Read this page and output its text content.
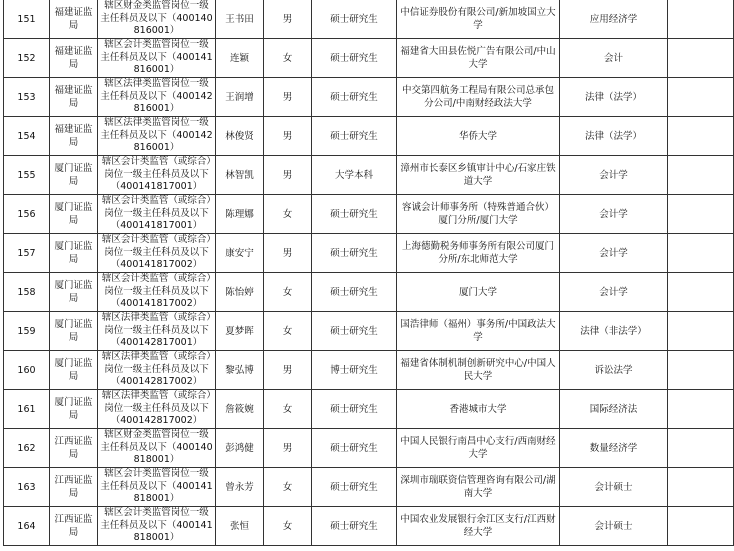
151	福建证监局	辖区财金类监管岗位一级主任科员及以下（400140816001）	王书田	男	硕士研究生	中信证券股份有限公司/新加坡国立大学	应用经济学	
152	福建证监局	辖区会计类监管岗位一级主任科员及以下（400141816001）	连颖	女	硕士研究生	福建省大田县佐悦广告有限公司/中山大学	会计	
153	福建证监局	辖区法律类监管岗位一级主任科员及以下（400142816001）	王润增	男	硕士研究生	中交第四航务工程局有限公司总承包分公司/中南财经政法大学	法律（法学）	
154	福建证监局	辖区法律类监管岗位一级主任科员及以下（400142816001）	林俊贤	男	硕士研究生	华侨大学	法律（法学）	
155	厦门证监局	辖区会计类监管（或综合）岗位一级主任科员及以下（400141817001）	林智凯	男	大学本科	漳州市长泰区乡镇审计中心/石家庄铁道大学	会计学	
156	厦门证监局	辖区会计类监管（或综合）岗位一级主任科员及以下（400141817001）	陈理娜	女	硕士研究生	容诚会计师事务所（特殊普通合伙）厦门分所/厦门大学	会计学	
157	厦门证监局	辖区会计类监管（或综合）岗位一级主任科员及以下（400141817002）	康安宁	男	硕士研究生	上海德勤税务师事务所有限公司厦门分所/东北师范大学	会计学	
158	厦门证监局	辖区会计类监管（或综合）岗位一级主任科员及以下（400141817002）	陈怡婷	女	硕士研究生	厦门大学	会计学	
159	厦门证监局	辖区法律类监管（或综合）岗位一级主任科员及以下（400142817001）	夏梦晖	女	硕士研究生	国浩律师（福州）事务所/中国政法大学	法律（非法学）	
160	厦门证监局	辖区法律类监管（或综合）岗位一级主任科员及以下（400142817002）	黎弘博	男	博士研究生	福建省体制机制创新研究中心/中国人民大学	诉讼法学	
161	厦门证监局	辖区法律类监管（或综合）岗位一级主任科员及以下（400142817002）	詹筱婉	女	硕士研究生	香港城市大学	国际经济法	
162	江西证监局	辖区财金类监管岗位一级主任科员及以下（400140818001）	彭鸿健	男	硕士研究生	中国人民银行南昌中心支行/西南财经大学	数量经济学	
163	江西证监局	辖区会计类监管岗位一级主任科员及以下（400141818001）	曾永芳	女	硕士研究生	深圳市瑞联资信管理咨询有限公司/湖南大学	会计硕士	
164	江西证监局	辖区会计类监管岗位一级主任科员及以下（400141818001）	张恒	女	硕士研究生	中国农业发展银行余江区支行/江西财经大学	会计硕士	
